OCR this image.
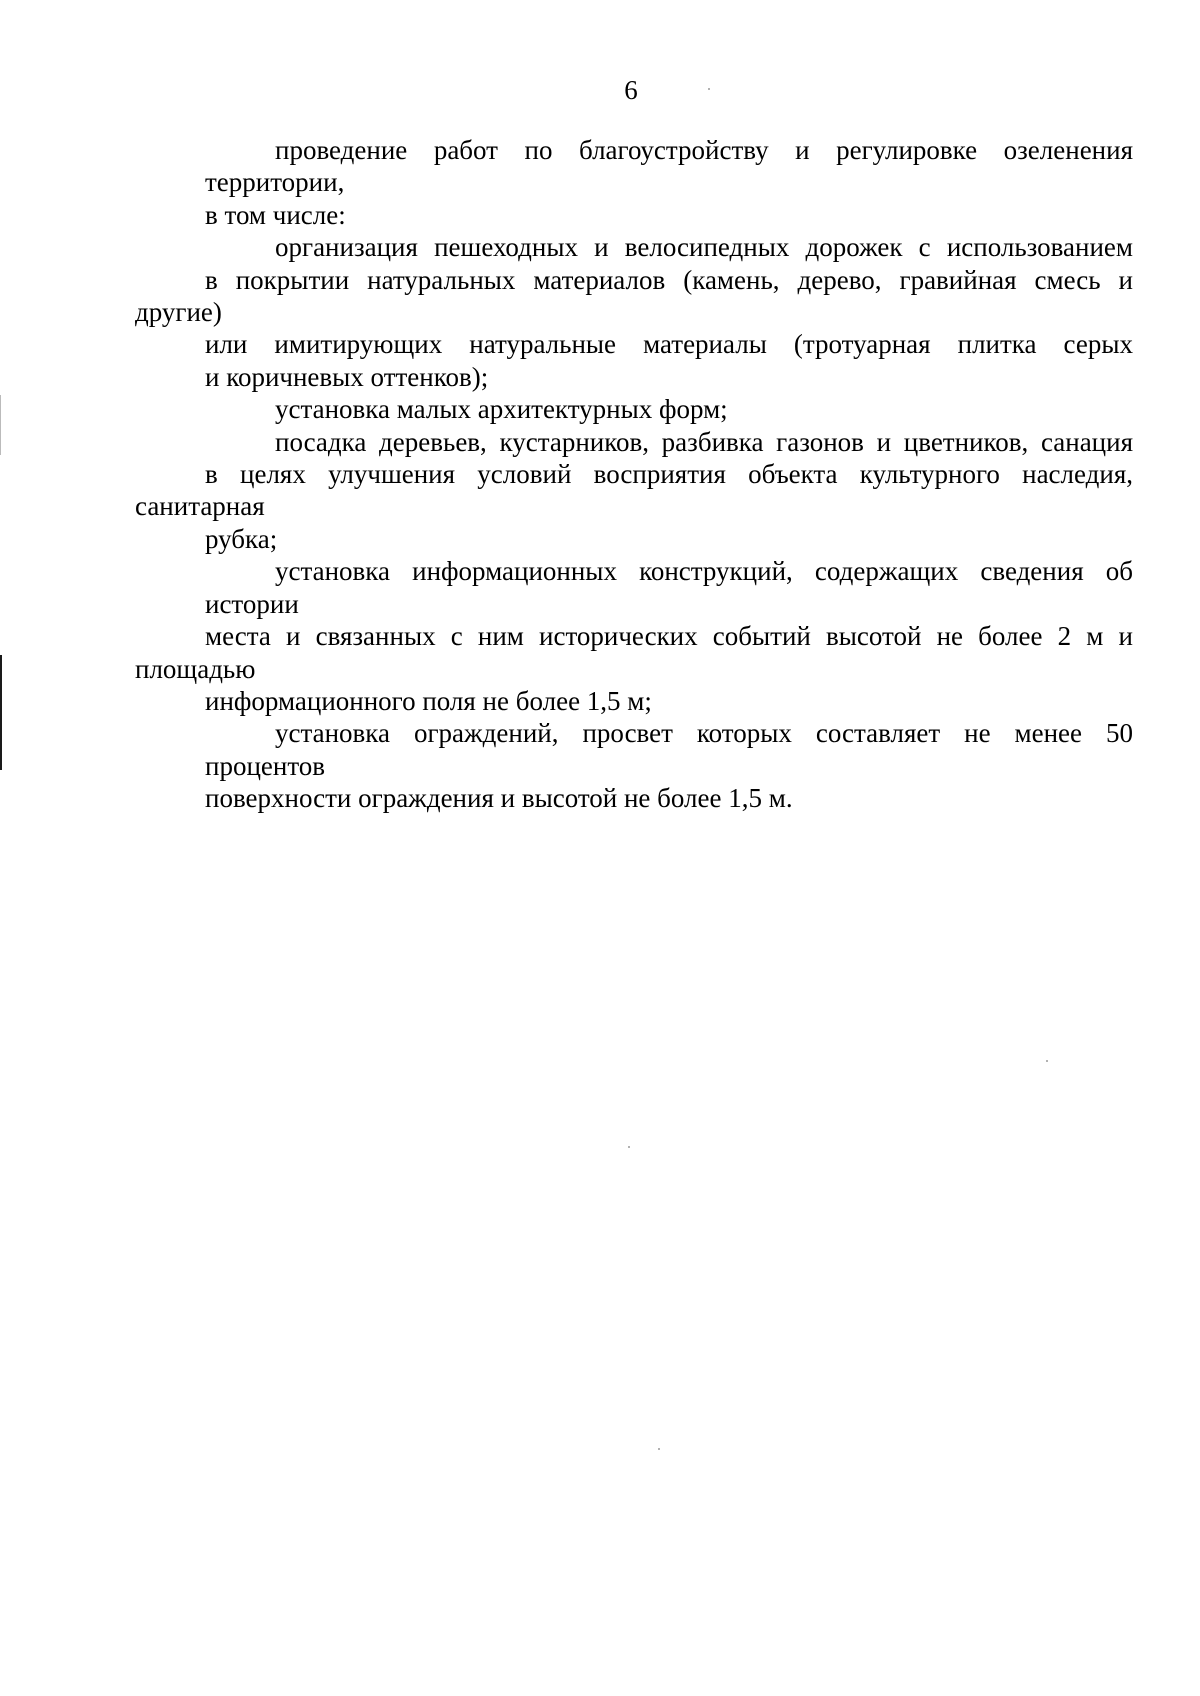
6

проведение работ по благоустройству и регулировке озеленения территории,
в том числе:

организация пешеходных и велосипедных дорожек с использованием
в покрытии натуральных материалов (камень, дерево, гравийная смесь и другие)
или имитирующих натуральные материалы (тротуарная плитка серых
и коричневых оттенков);

установка малых архитектурных форм;

посадка деревьев, кустарников, разбивка газонов и цветников, санация
в целях улучшения условий восприятия объекта культурного наследия, санитарная
рубка;

установка информационных конструкций, содержащих сведения об истории
места и связанных с ним исторических событий высотой не более 2 м и площадью
информационного поля не более 1,5 м;

установка ограждений, просвет которых составляет не менее 50 процентов
поверхности ограждения и высотой не более 1,5 м.
